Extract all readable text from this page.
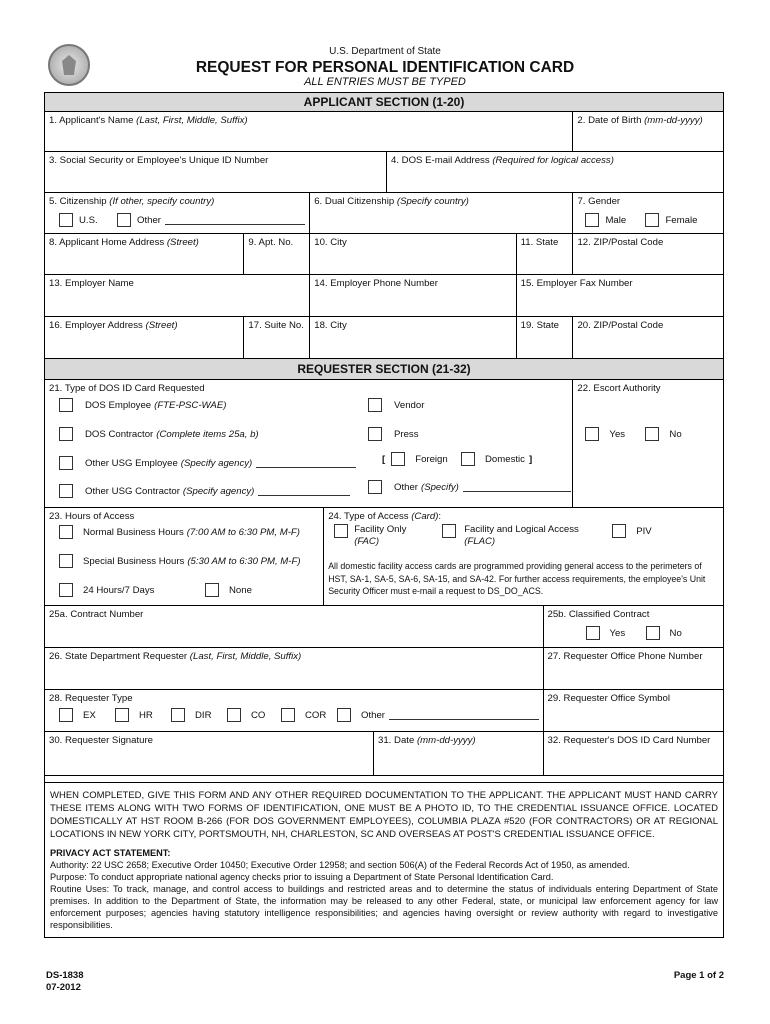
U.S. Department of State
REQUEST FOR PERSONAL IDENTIFICATION CARD
ALL ENTRIES MUST BE TYPED
APPLICANT SECTION (1-20)
1. Applicant's Name (Last, First, Middle, Suffix)	2. Date of Birth (mm-dd-yyyy)
3. Social Security or Employee's Unique ID Number	4. DOS E-mail Address (Required for logical access)
5. Citizenship (If other, specify country)
U.S.	Other
6. Dual Citizenship (Specify country)	7. Gender
Male	Female
8. Applicant Home Address (Street)	9. Apt. No.	10. City	11. State	12. ZIP/Postal Code
13. Employer Name	14. Employer Phone Number	15. Employer Fax Number
16. Employer Address (Street)	17. Suite No.	18. City	19. State	20. ZIP/Postal Code
REQUESTER SECTION (21-32)
21. Type of DOS ID Card Requested
DOS Employee (FTE-PSC-WAE)	Vendor
DOS Contractor (Complete items 25a, b)	Press
Other USG Employee (Specify agency)	[	Foreign	Domestic ]
Other USG Contractor (Specify agency)	Other (Specify)
22. Escort Authority
Yes	No
23. Hours of Access
Normal Business Hours (7:00 AM to 6:30 PM, M-F)
Special Business Hours (5:30 AM to 6:30 PM, M-F)
24 Hours/7 Days	None
24. Type of Access (Card):
Facility Only
(FAC)
Facility and Logical Access
(FLAC)
PIV
All domestic facility access cards are programmed providing general access to the perimeters of HST, SA-1, SA-5, SA-6, SA-15, and SA-42. For further access requirements, the employee's Unit Security Officer must e-mail a request to DS_DO_ACS.
25a. Contract Number	25b. Classified Contract
Yes	No
26. State Department Requester (Last, First, Middle, Suffix)	27. Requester Office Phone Number
28. Requester Type
EX	HR	DIR	CO	COR	Other
29. Requester Office Symbol
30. Requester Signature	31. Date (mm-dd-yyyy)	32. Requester's DOS ID Card Number
WHEN COMPLETED, GIVE THIS FORM AND ANY OTHER REQUIRED DOCUMENTATION TO THE APPLICANT. THE APPLICANT MUST HAND CARRY THESE ITEMS ALONG WITH TWO FORMS OF IDENTIFICATION, ONE MUST BE A PHOTO ID, TO THE CREDENTIAL ISSUANCE OFFICE. LOCATED DOMESTICALLY AT HST ROOM B-266 (FOR DOS GOVERNMENT EMPLOYEES), COLUMBIA PLAZA #520 (FOR CONTRACTORS) OR AT REGIONAL LOCATIONS IN NEW YORK CITY, PORTSMOUTH, NH, CHARLESTON, SC AND OVERSEAS AT POST'S CREDENTIAL ISSUANCE OFFICE.
PRIVACY ACT STATEMENT:
Authority: 22 USC 2658; Executive Order 10450; Executive Order 12958; and section 506(A) of the Federal Records Act of 1950, as amended.
Purpose: To conduct appropriate national agency checks prior to issuing a Department of State Personal Identification Card.
Routine Uses: To track, manage, and control access to buildings and restricted areas and to determine the status of individuals entering Department of State premises. In addition to the Department of State, the information may be released to any other Federal, state, or municipal law enforcement agency for law enforcement purposes; agencies having statutory intelligence responsibilities; and agencies having oversight or review authority with regard to investigative responsibilities.
DS-1838
07-2012
Page 1 of 2
